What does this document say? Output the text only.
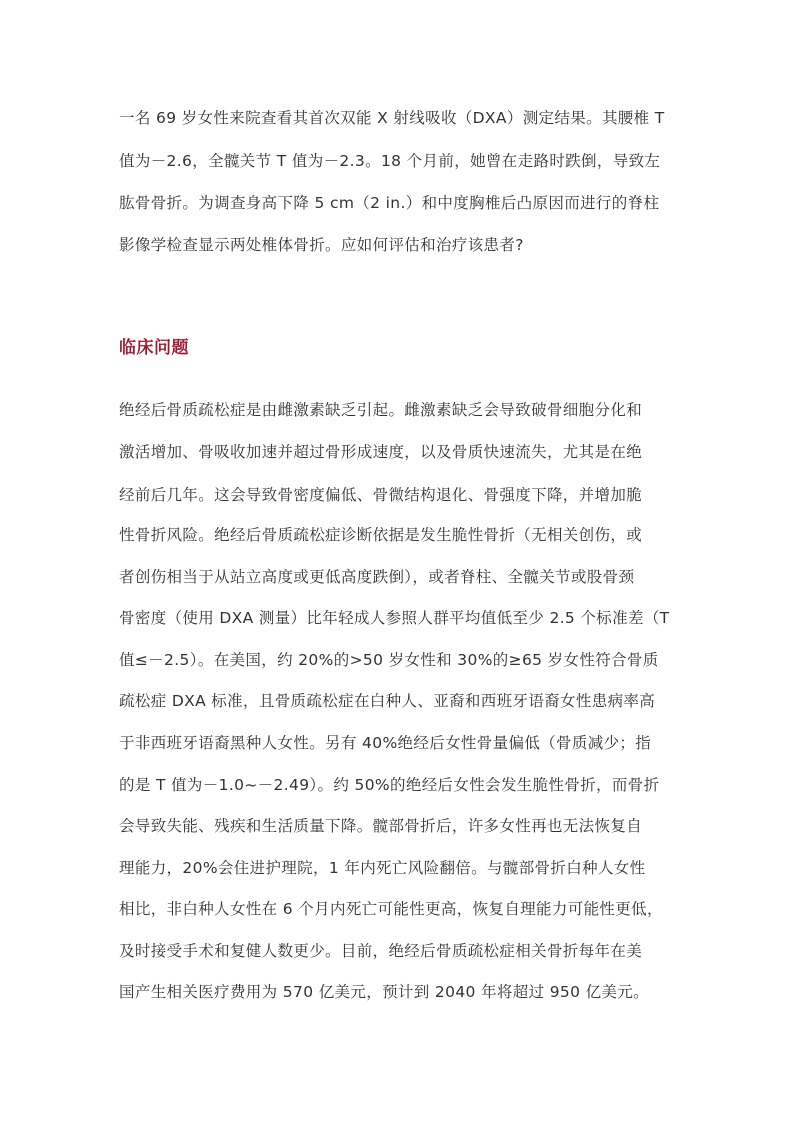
一名 69 岁女性来院查看其首次双能 X 射线吸收（DXA）测定结果。其腰椎 T
值为－2.6，全髋关节 T 值为－2.3。18 个月前，她曾在走路时跌倒，导致左
肱骨骨折。为调查身高下降 5 cm（2 in.）和中度胸椎后凸原因而进行的脊柱
影像学检查显示两处椎体骨折。应如何评估和治疗该患者?
临床问题
绝经后骨质疏松症是由雌激素缺乏引起。雌激素缺乏会导致破骨细胞分化和
激活增加、骨吸收加速并超过骨形成速度，以及骨质快速流失，尤其是在绝
经前后几年。这会导致骨密度偏低、骨微结构退化、骨强度下降，并增加脆
性骨折风险。绝经后骨质疏松症诊断依据是发生脆性骨折（无相关创伤，或
者创伤相当于从站立高度或更低高度跌倒），或者脊柱、全髋关节或股骨颈
骨密度（使用 DXA 测量）比年轻成人参照人群平均值低至少 2.5 个标准差（T
值≤－2.5）。在美国，约 20%的>50 岁女性和 30%的≥65 岁女性符合骨质
疏松症 DXA 标准，且骨质疏松症在白种人、亚裔和西班牙语裔女性患病率高
于非西班牙语裔黑种人女性。另有 40%绝经后女性骨量偏低（骨质减少；指
的是 T 值为－1.0~－2.49）。约 50%的绝经后女性会发生脆性骨折，而骨折
会导致失能、残疾和生活质量下降。髋部骨折后，许多女性再也无法恢复自
理能力，20%会住进护理院，1 年内死亡风险翻倍。与髋部骨折白种人女性
相比，非白种人女性在 6 个月内死亡可能性更高，恢复自理能力可能性更低，
及时接受手术和复健人数更少。目前，绝经后骨质疏松症相关骨折每年在美
国产生相关医疗费用为 570 亿美元，预计到 2040 年将超过 950 亿美元。
